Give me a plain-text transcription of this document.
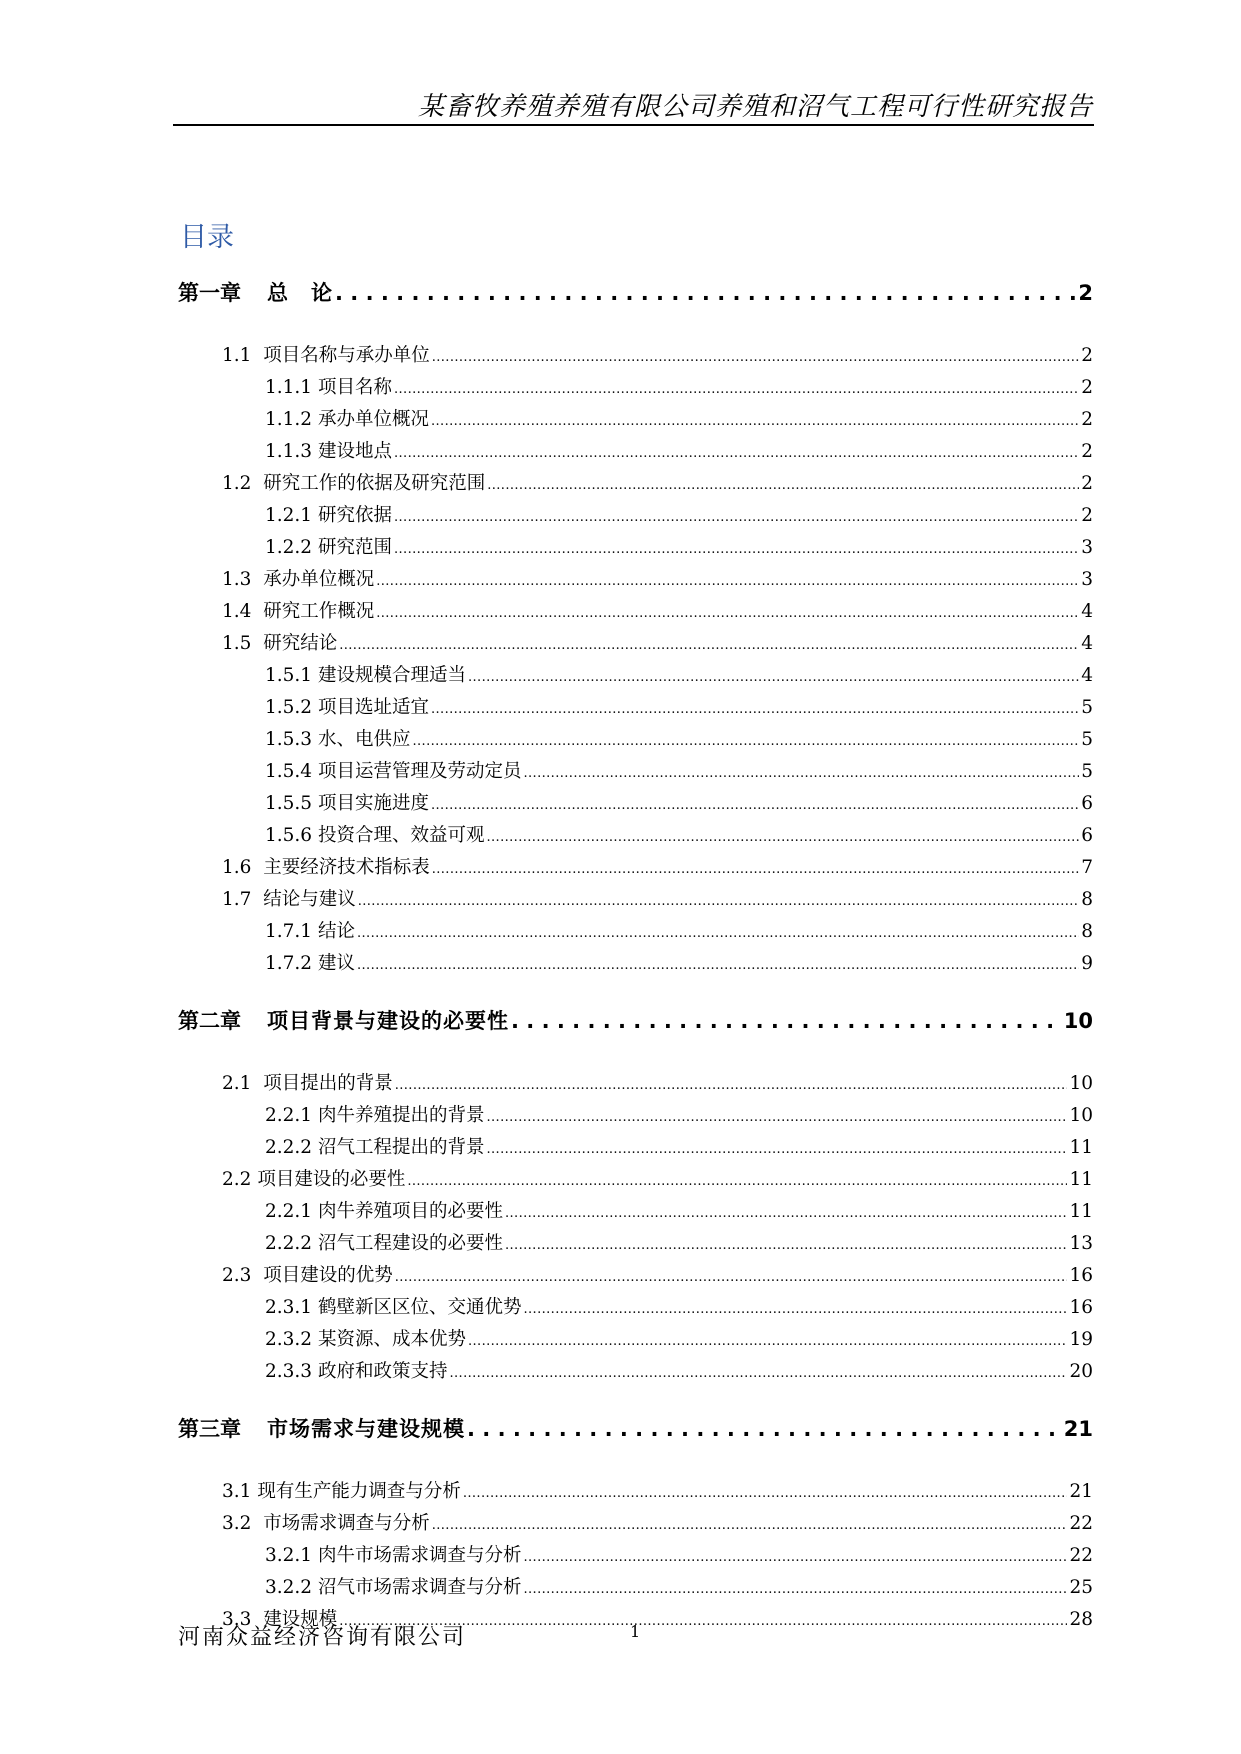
某畜牧养殖养殖有限公司养殖和沼气工程可行性研究报告
目录
第一章 总　论 . . .	2
1.1 项目名称与承办单位 .....	2
1.1.1 项目名称 .....	2
1.1.2 承办单位概况 .....	2
1.1.3 建设地点 .....	2
1.2 研究工作的依据及研究范围 .....	2
1.2.1 研究依据 .....	2
1.2.2 研究范围 .....	3
1.3 承办单位概况 .....	3
1.4 研究工作概况 .....	4
1.5 研究结论 .....	4
1.5.1 建设规模合理适当 .....	4
1.5.2 项目选址适宜 .....	5
1.5.3 水、电供应 .....	5
1.5.4 项目运营管理及劳动定员 .....	5
1.5.5 项目实施进度 .....	6
1.5.6 投资合理、效益可观 .....	6
1.6 主要经济技术指标表 .....	7
1.7 结论与建议 .....	8
1.7.1 结论 .....	8
1.7.2 建议 .....	9
第二章 项目背景与建设的必要性 . . .	10
2.1 项目提出的背景 .....	10
2.2.1 肉牛养殖提出的背景 .....	10
2.2.2 沼气工程提出的背景 .....	11
2.2 项目建设的必要性 .....	11
2.2.1 肉牛养殖项目的必要性 .....	11
2.2.2 沼气工程建设的必要性 .....	13
2.3 项目建设的优势 .....	16
2.3.1 鹤壁新区区位、交通优势 .....	16
2.3.2 某资源、成本优势 .....	19
2.3.3 政府和政策支持 .....	20
第三章 市场需求与建设规模 . . .	21
3.1 现有生产能力调查与分析 .....	21
3.2 市场需求调查与分析 .....	22
3.2.1 肉牛市场需求调查与分析 .....	22
3.2.2 沼气市场需求调查与分析 .....	25
3.3 建设规模 .....	28
河南众益经济咨询有限公司	1
